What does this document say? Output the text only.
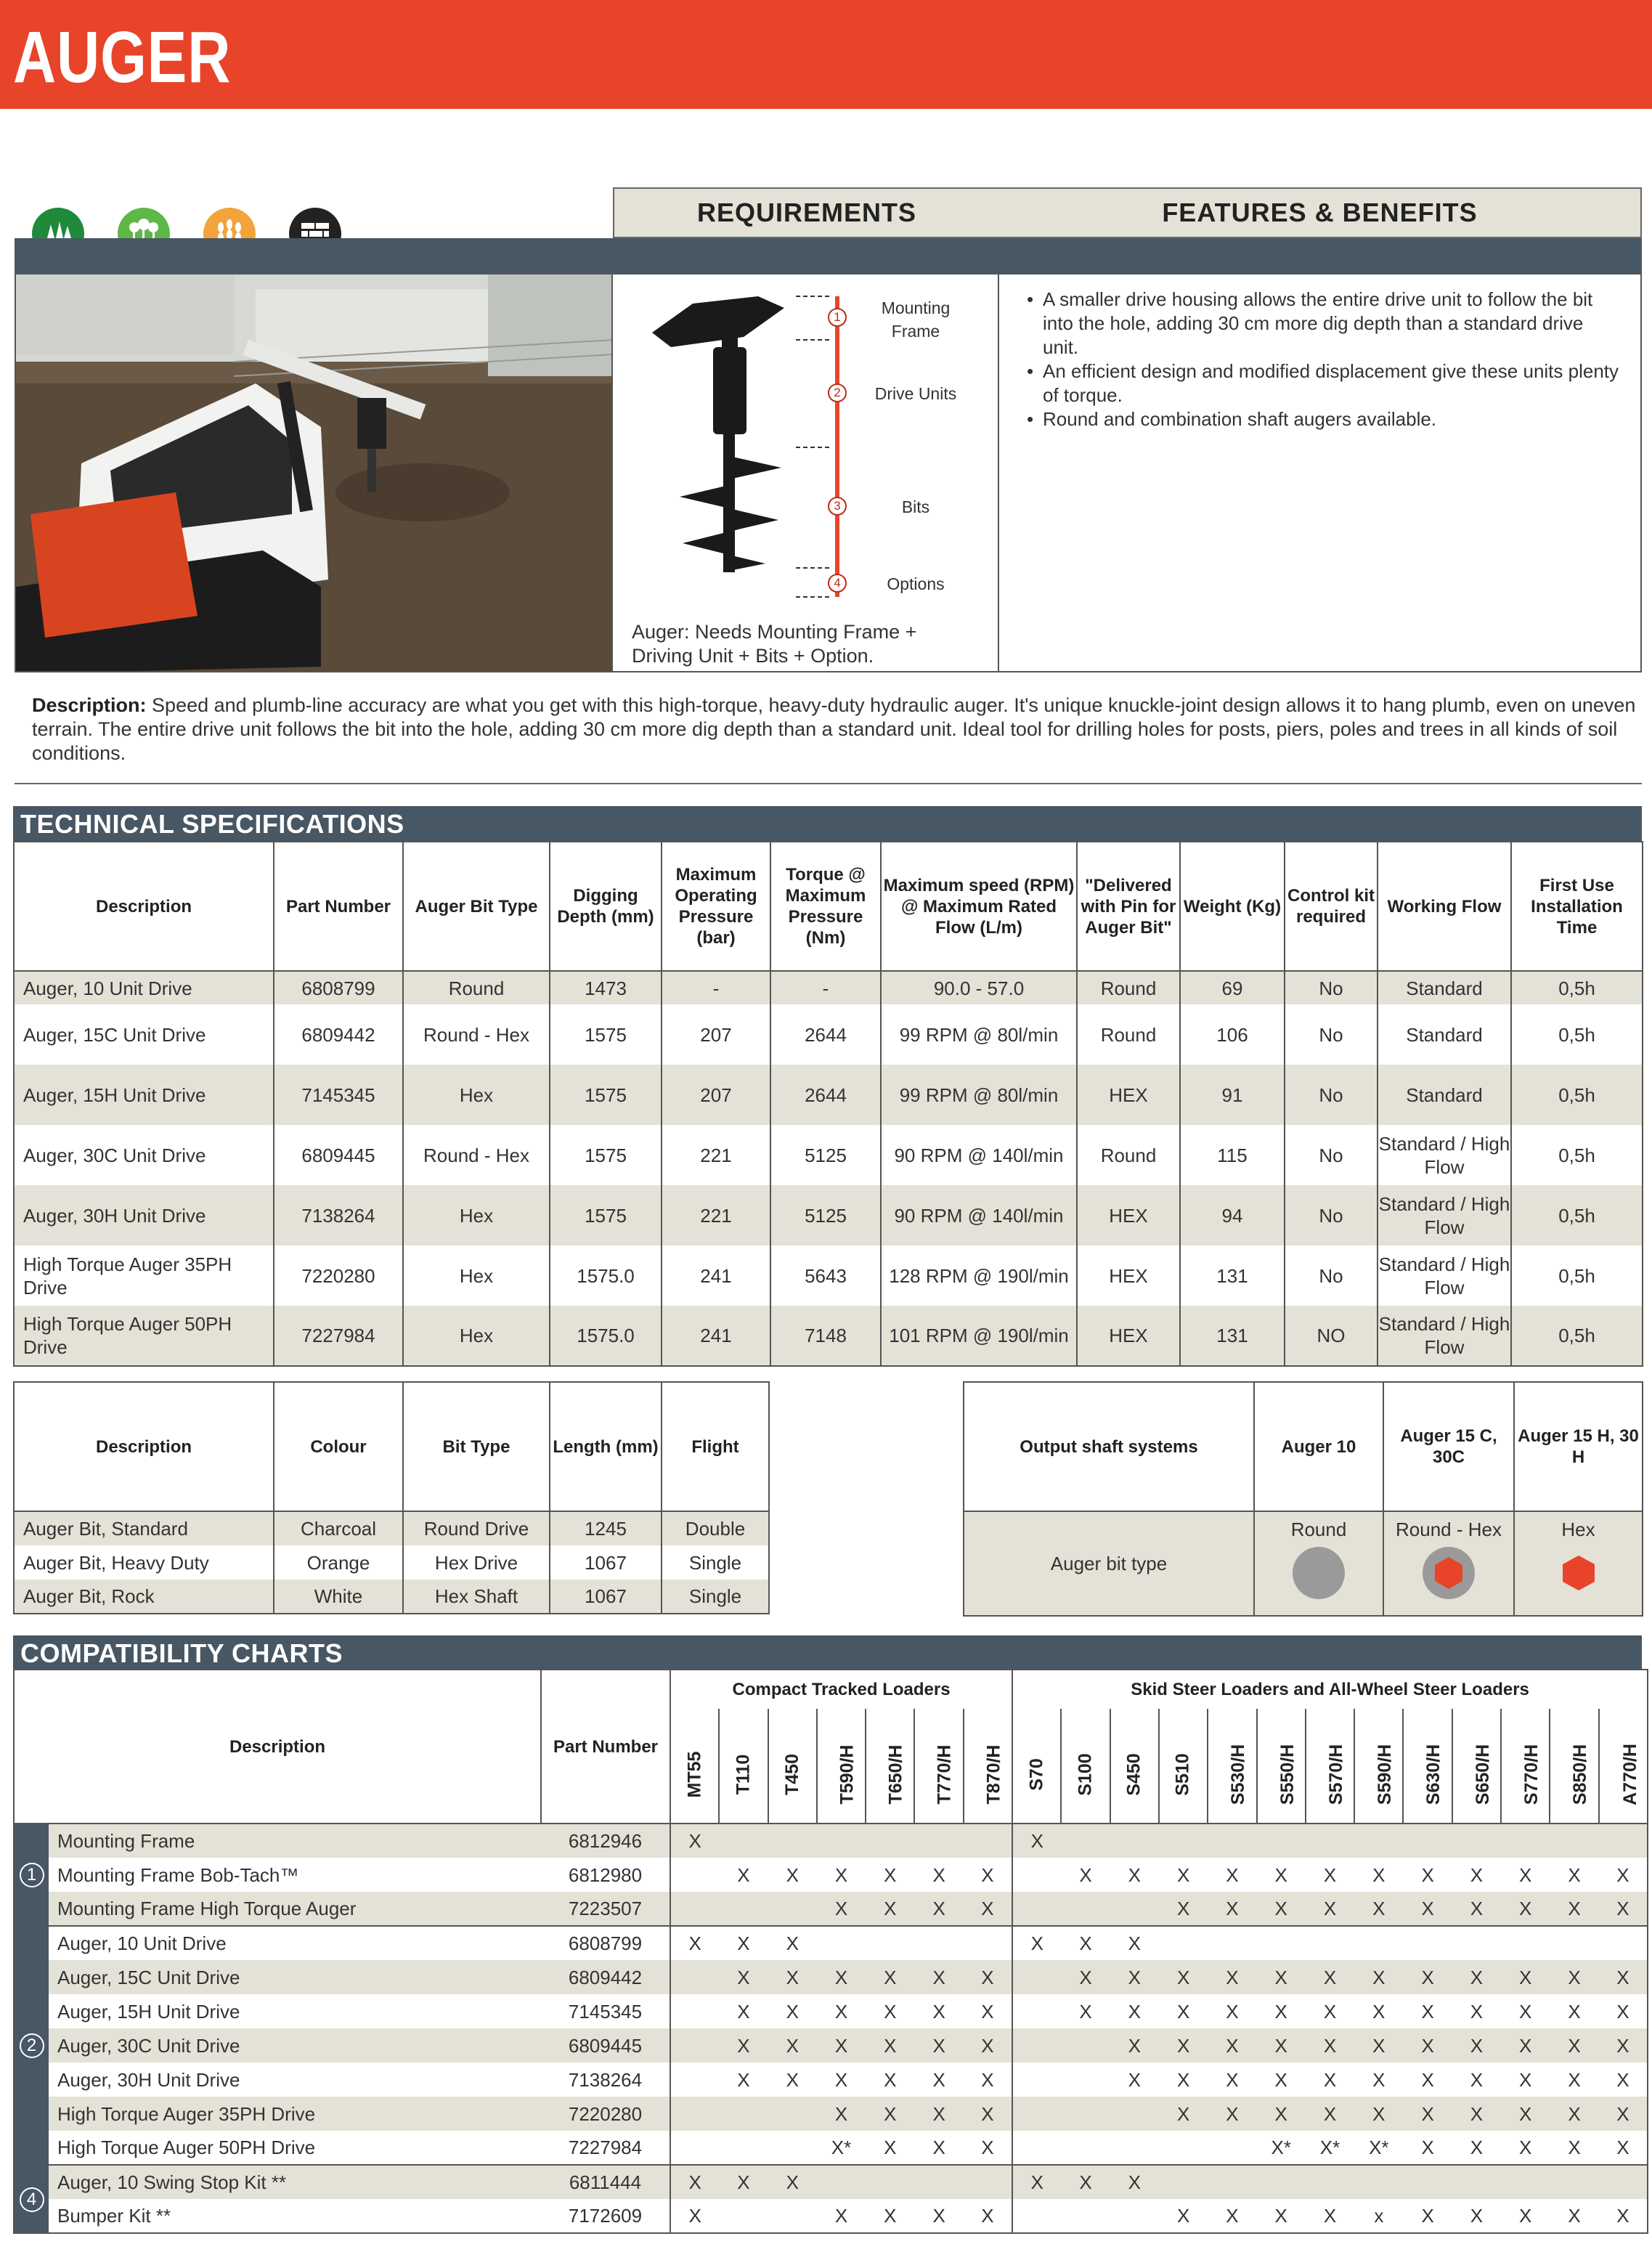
AUGER
REQUIREMENTS	FEATURES & BENEFITS
1
2
3
4
Mounting Frame
Drive Units
Bits
Options
Auger: Needs Mounting Frame + Driving Unit + Bits + Option.
• A smaller drive housing allows the entire drive unit to follow the bit into the hole, adding 30 cm more dig depth than a standard drive unit.
• An efficient design and modified displacement give these units plenty of torque.
• Round and combination shaft augers available.
Description: Speed and plumb-line accuracy are what you get with this high-torque, heavy-duty hydraulic auger. It's unique knuckle-joint design allows it to hang plumb, even on uneven terrain. The entire drive unit follows the bit into the hole, adding 30 cm more dig depth than a standard unit. Ideal tool for drilling holes for posts, piers, poles and trees in all kinds of soil conditions.
TECHNICAL SPECIFICATIONS
Description	Part Number	Auger Bit Type	Digging Depth (mm)	Maximum Operating Pressure (bar)	Torque @ Maximum Pressure (Nm)	Maximum speed (RPM) @ Maximum Rated Flow (L/m)	"Delivered with Pin for Auger Bit"	Weight (Kg)	Control kit required	Working Flow	First Use Installation Time
Auger, 10 Unit Drive	6808799	Round	1473	-	-	90.0 - 57.0	Round	69	No	Standard	0,5h
Auger, 15C Unit Drive	6809442	Round - Hex	1575	207	2644	99 RPM @ 80l/min	Round	106	No	Standard	0,5h
Auger, 15H Unit Drive	7145345	Hex	1575	207	2644	99 RPM @ 80l/min	HEX	91	No	Standard	0,5h
Auger, 30C Unit Drive	6809445	Round - Hex	1575	221	5125	90 RPM @ 140l/min	Round	115	No	Standard / High Flow	0,5h
Auger, 30H Unit Drive	7138264	Hex	1575	221	5125	90 RPM @ 140l/min	HEX	94	No	Standard / High Flow	0,5h
High Torque Auger 35PH Drive	7220280	Hex	1575.0	241	5643	128 RPM @ 190l/min	HEX	131	No	Standard / High Flow	0,5h
High Torque Auger 50PH Drive	7227984	Hex	1575.0	241	7148	101 RPM @ 190l/min	HEX	131	NO	Standard / High Flow	0,5h
Description	Colour	Bit Type	Length (mm)	Flight
Auger Bit, Standard	Charcoal	Round Drive	1245	Double
Auger Bit, Heavy Duty	Orange	Hex Drive	1067	Single
Auger Bit, Rock	White	Hex Shaft	1067	Single
Output shaft systems	Auger 10	Auger 15 C, 30C	Auger 15 H, 30 H
Auger bit type	Round	Round - Hex	Hex
COMPATIBILITY CHARTS
Description		Part Number	Compact Tracked Loaders							Skid Steer Loaders and All-Wheel Steer Loaders												
			MT55	T110	T450	T590/H	T650/H	T770/H	T870/H	S70	S100	S450	S510	S530/H	S550/H	S570/H	S590/H	S630/H	S650/H	S770/H	S850/H	A770/H
1	Mounting Frame	6812946	X							X												
	Mounting Frame Bob-Tach™	6812980		X	X	X	X	X	X		X	X	X	X	X	X	X	X	X	X	X	X
	Mounting Frame High Torque Auger	7223507				X	X	X	X				X	X	X	X	X	X	X	X	X	X
2	Auger, 10 Unit Drive	6808799	X	X	X					X	X	X										
	Auger, 15C Unit Drive	6809442		X	X	X	X	X	X		X	X	X	X	X	X	X	X	X	X	X	X
	Auger, 15H Unit Drive	7145345		X	X	X	X	X	X		X	X	X	X	X	X	X	X	X	X	X	X
	Auger, 30C Unit Drive	6809445		X	X	X	X	X	X			X	X	X	X	X	X	X	X	X	X	X
	Auger, 30H Unit Drive	7138264		X	X	X	X	X	X			X	X	X	X	X	X	X	X	X	X	X
	High Torque Auger 35PH Drive	7220280				X	X	X	X				X	X	X	X	X	X	X	X	X	X
	High Torque Auger 50PH Drive	7227984				X*	X	X	X						X*	X*	X*	X	X	X	X	X
4	Auger, 10 Swing Stop Kit **	6811444	X	X	X					X	X	X										
	Bumper Kit **	7172609	X			X	X	X	X				X	X	X	X	x	X	X	X	X	X
